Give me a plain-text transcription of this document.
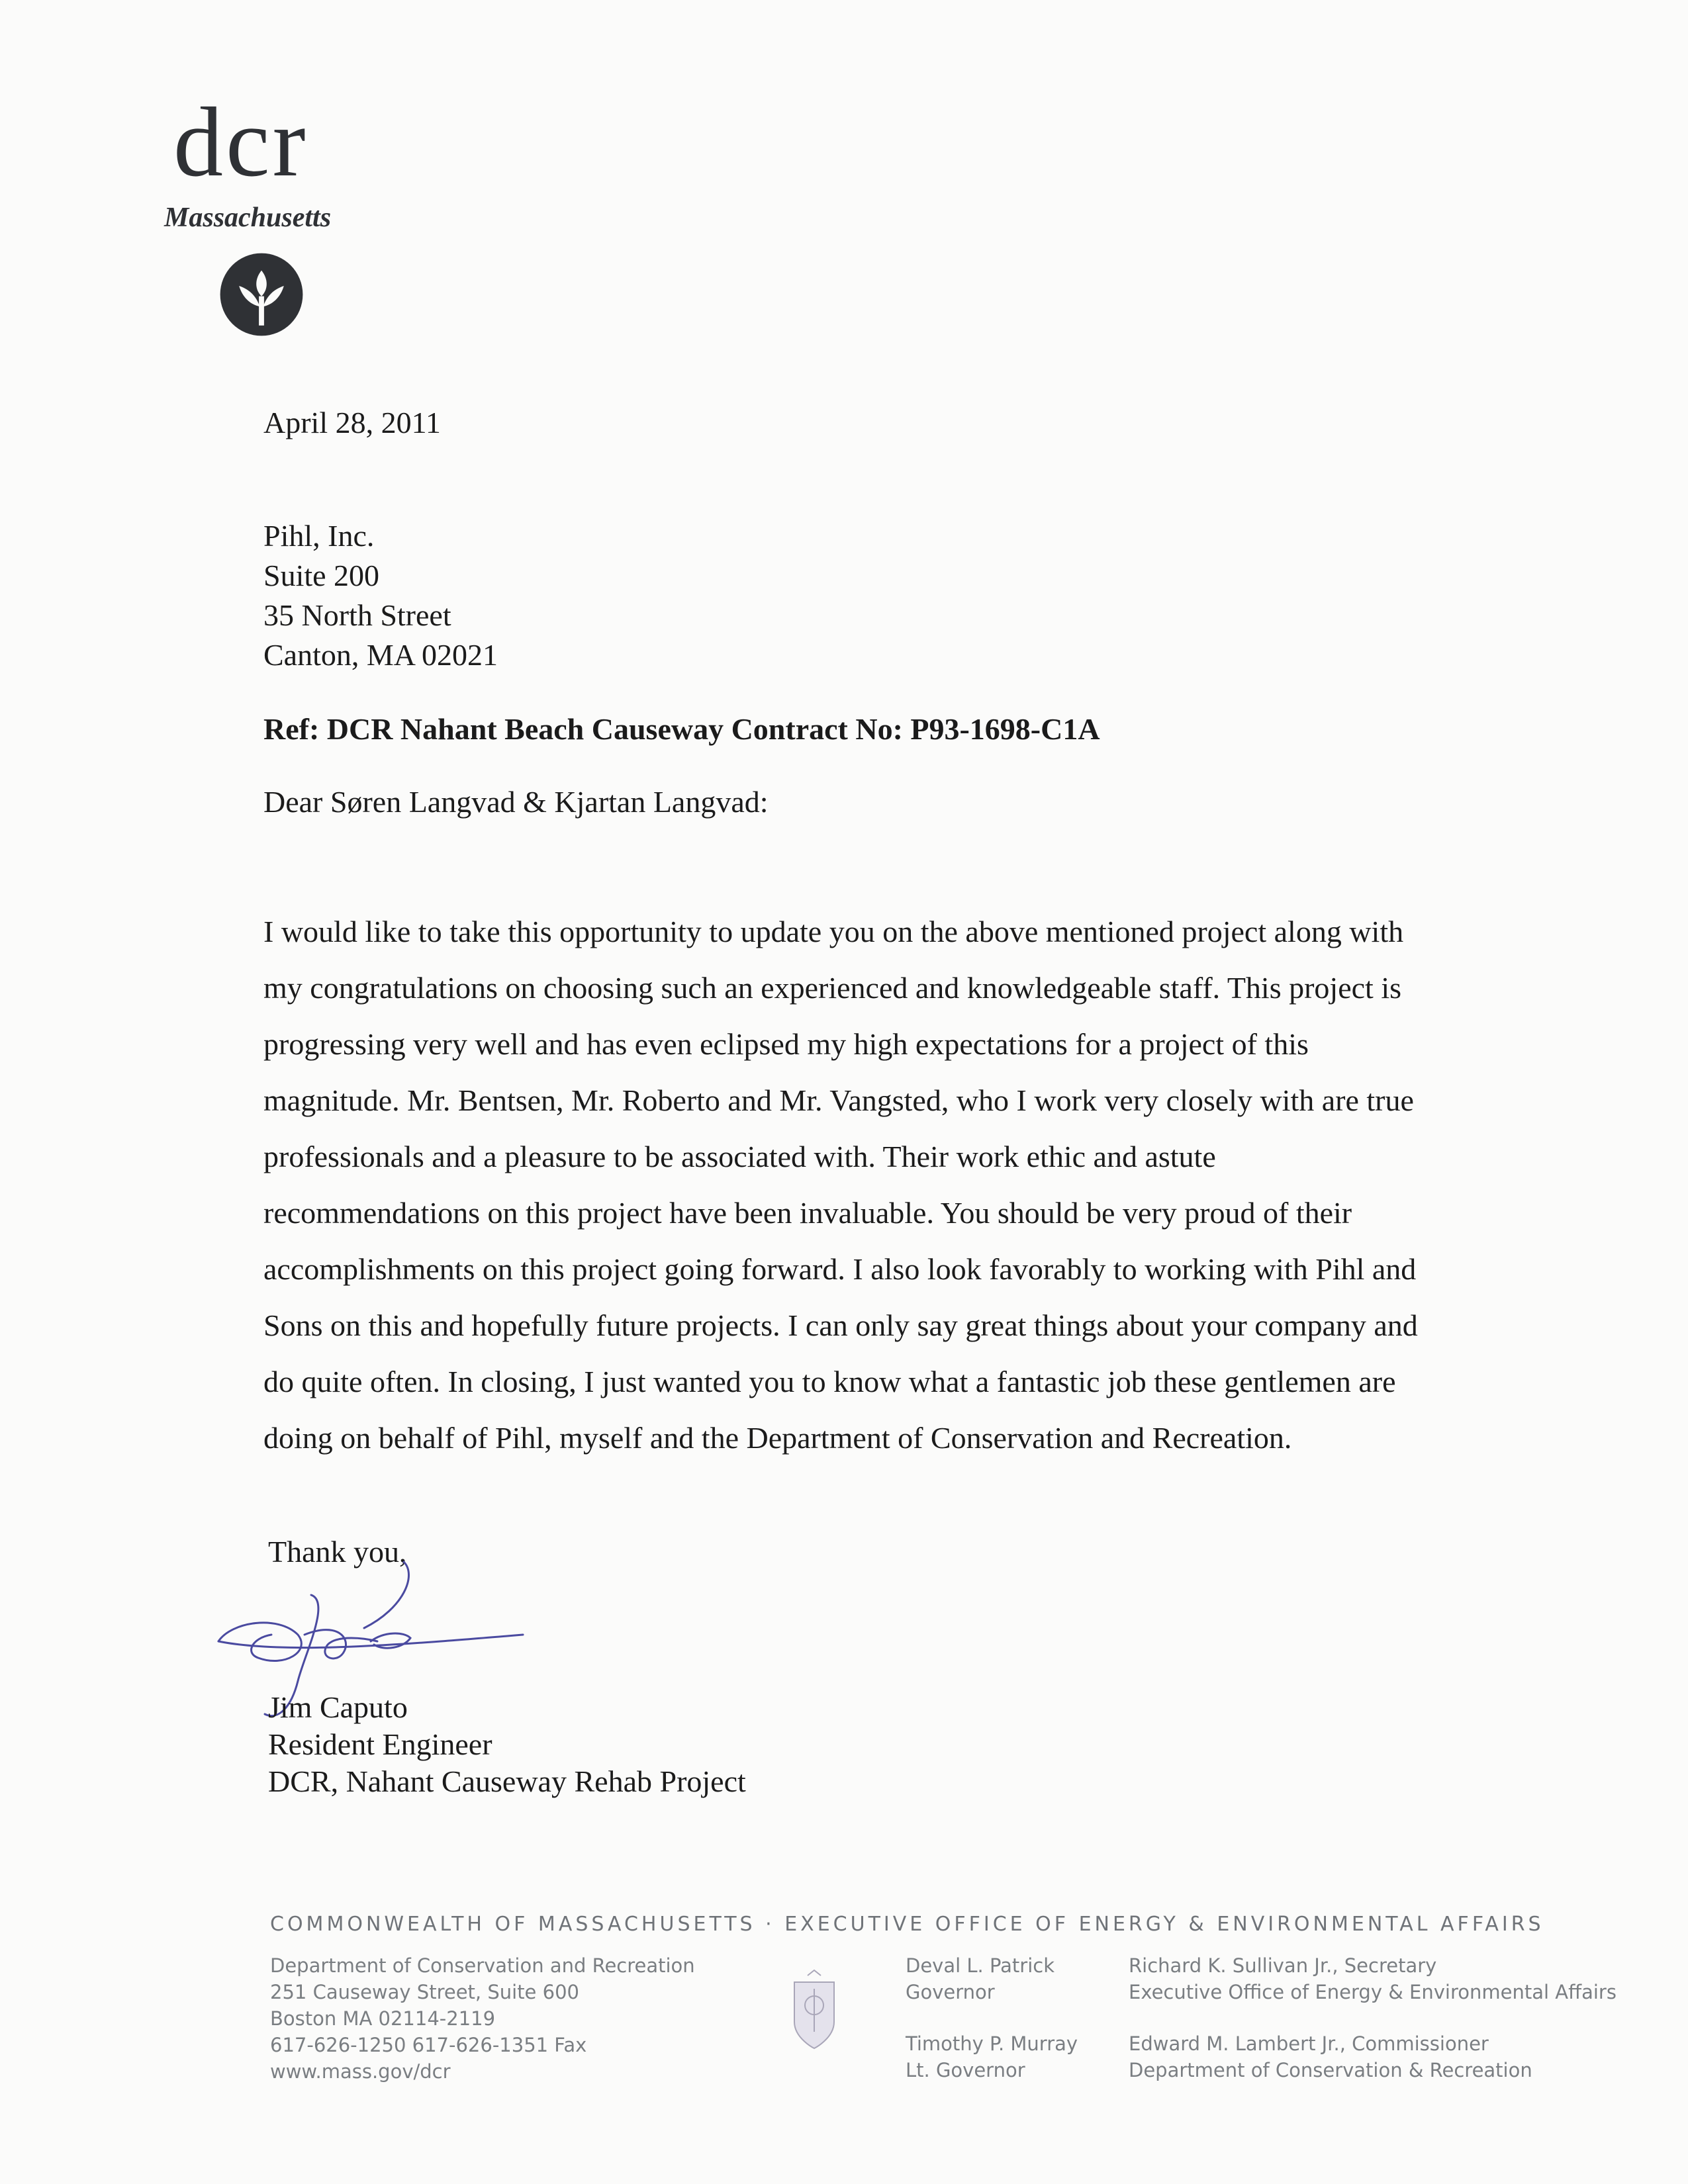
dcr
Massachusetts
April 28, 2011
Pihl, Inc.
Suite 200
35 North Street
Canton, MA 02021
Ref: DCR Nahant Beach Causeway Contract No: P93-1698-C1A
Dear Søren Langvad & Kjartan Langvad:
I would like to take this opportunity to update you on the above mentioned project along with
my congratulations on choosing such an experienced and knowledgeable staff. This project is
progressing very well and has even eclipsed my high expectations for a project of this
magnitude. Mr. Bentsen, Mr. Roberto and Mr. Vangsted, who I work very closely with are true
professionals and a pleasure to be associated with. Their work ethic and astute
recommendations on this project have been invaluable. You should be very proud of their
accomplishments on this project going forward. I also look favorably to working with Pihl and
Sons on this and hopefully future projects. I can only say great things about your company and
do quite often. In closing, I just wanted you to know what a fantastic job these gentlemen are
doing on behalf of Pihl, myself and the Department of Conservation and Recreation.
Thank you,
Jim Caputo
Resident Engineer
DCR, Nahant Causeway Rehab Project
COMMONWEALTH OF MASSACHUSETTS · EXECUTIVE OFFICE OF ENERGY & ENVIRONMENTAL AFFAIRS
Department of Conservation and Recreation
251 Causeway Street, Suite 600
Boston MA 02114-2119
617-626-1250 617-626-1351 Fax
www.mass.gov/dcr
Deval L. Patrick
Governor
Timothy P. Murray
Lt. Governor
Richard K. Sullivan Jr., Secretary
Executive Office of Energy & Environmental Affairs
Edward M. Lambert Jr., Commissioner
Department of Conservation & Recreation
